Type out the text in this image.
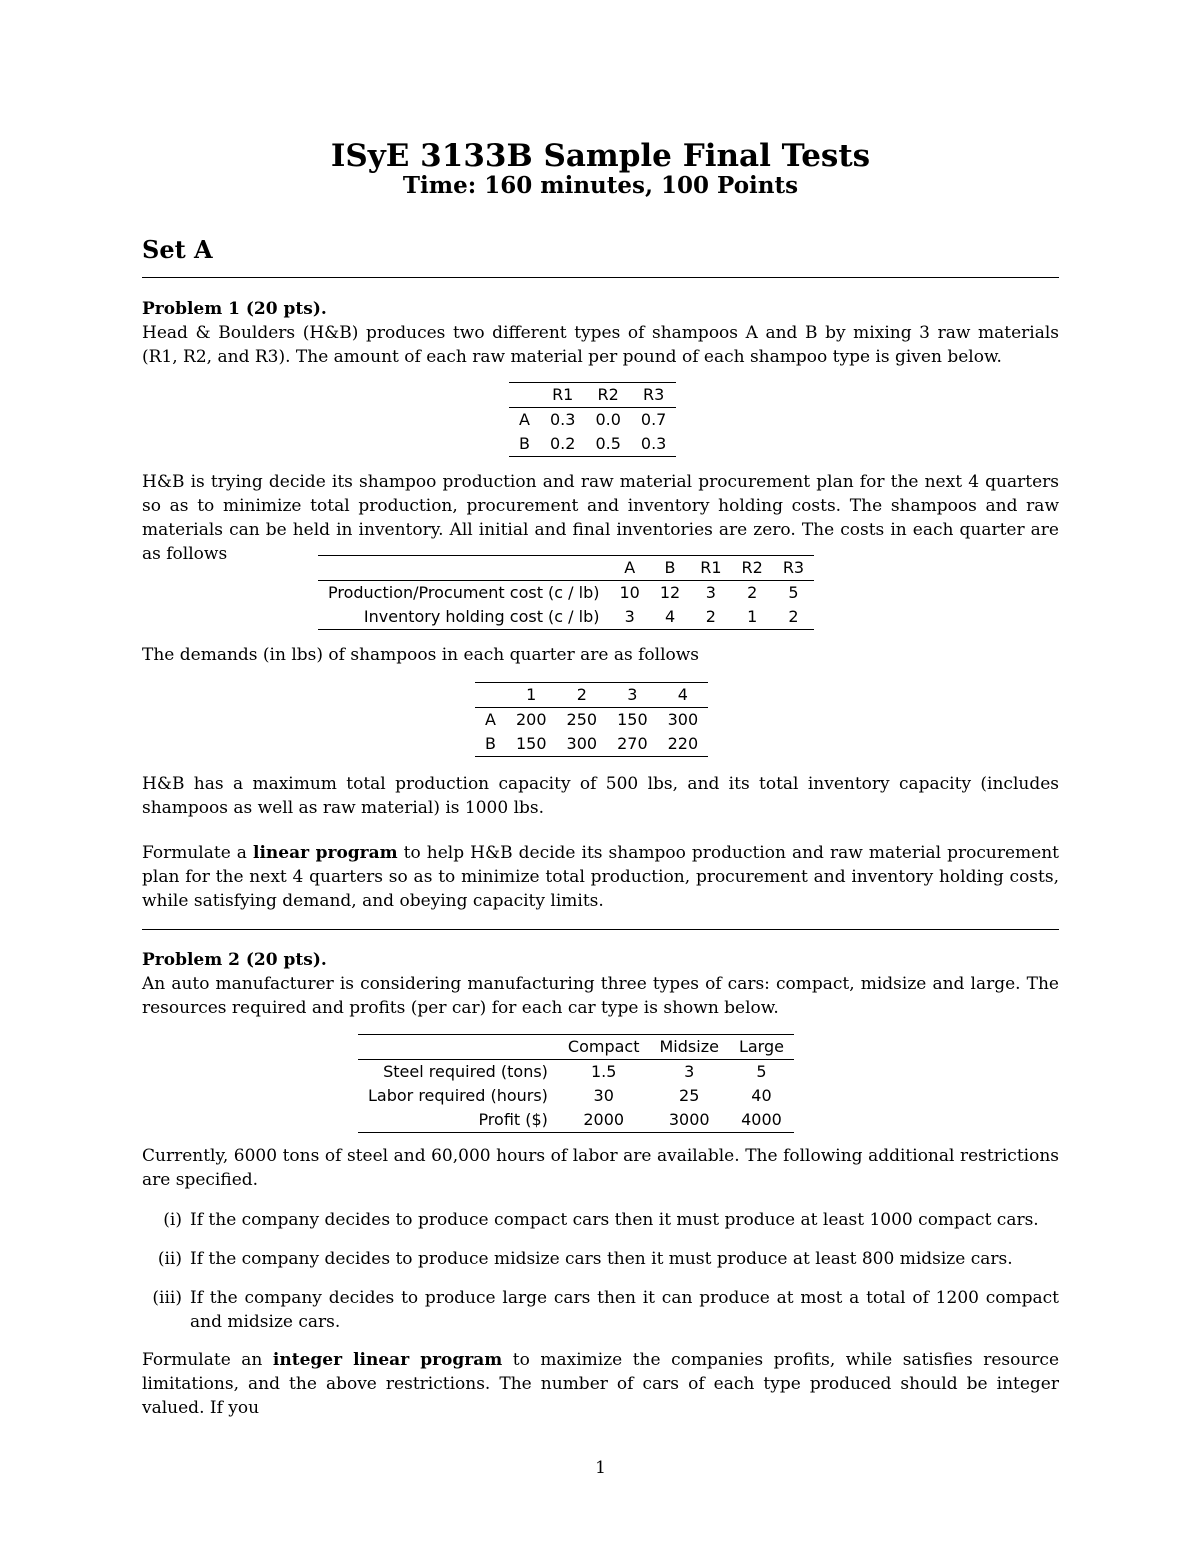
ISyE 3133B Sample Final Tests
Time: 160 minutes, 100 Points
Set A

Problem 1 (20 pts).

Head & Boulders (H&B) produces two different types of shampoos A and B by mixing 3 raw materials (R1, R2, and R3). The amount of each raw material per pound of each shampoo type is given below.

	R1	R2	R3
A	0.3	0.0	0.7
B	0.2	0.5	0.3

H&B is trying decide its shampoo production and raw material procurement plan for the next 4 quarters so as to minimize total production, procurement and inventory holding costs. The shampoos and raw materials can be held in inventory. All initial and final inventories are zero. The costs in each quarter are as follows

	A	B	R1	R2	R3
Production/Procument cost (c / lb)	10	12	3	2	5
Inventory holding cost (c / lb)	3	4	2	1	2

The demands (in lbs) of shampoos in each quarter are as follows

	1	2	3	4
A	200	250	150	300
B	150	300	270	220

H&B has a maximum total production capacity of 500 lbs, and its total inventory capacity (includes shampoos as well as raw material) is 1000 lbs.

Formulate a linear program to help H&B decide its shampoo production and raw material procurement plan for the next 4 quarters so as to minimize total production, procurement and inventory holding costs, while satisfying demand, and obeying capacity limits.

Problem 2 (20 pts).

An auto manufacturer is considering manufacturing three types of cars: compact, midsize and large. The resources required and profits (per car) for each car type is shown below.

	Compact	Midsize	Large
Steel required (tons)	1.5	3	5
Labor required (hours)	30	25	40
Profit ($)	2000	3000	4000

Currently, 6000 tons of steel and 60,000 hours of labor are available. The following additional restrictions are specified.

(i) If the company decides to produce compact cars then it must produce at least 1000 compact cars.
(ii) If the company decides to produce midsize cars then it must produce at least 800 midsize cars.
(iii) If the company decides to produce large cars then it can produce at most a total of 1200 compact and midsize cars.

Formulate an integer linear program to maximize the companies profits, while satisfies resource limitations, and the above restrictions. The number of cars of each type produced should be integer valued. If you

1
